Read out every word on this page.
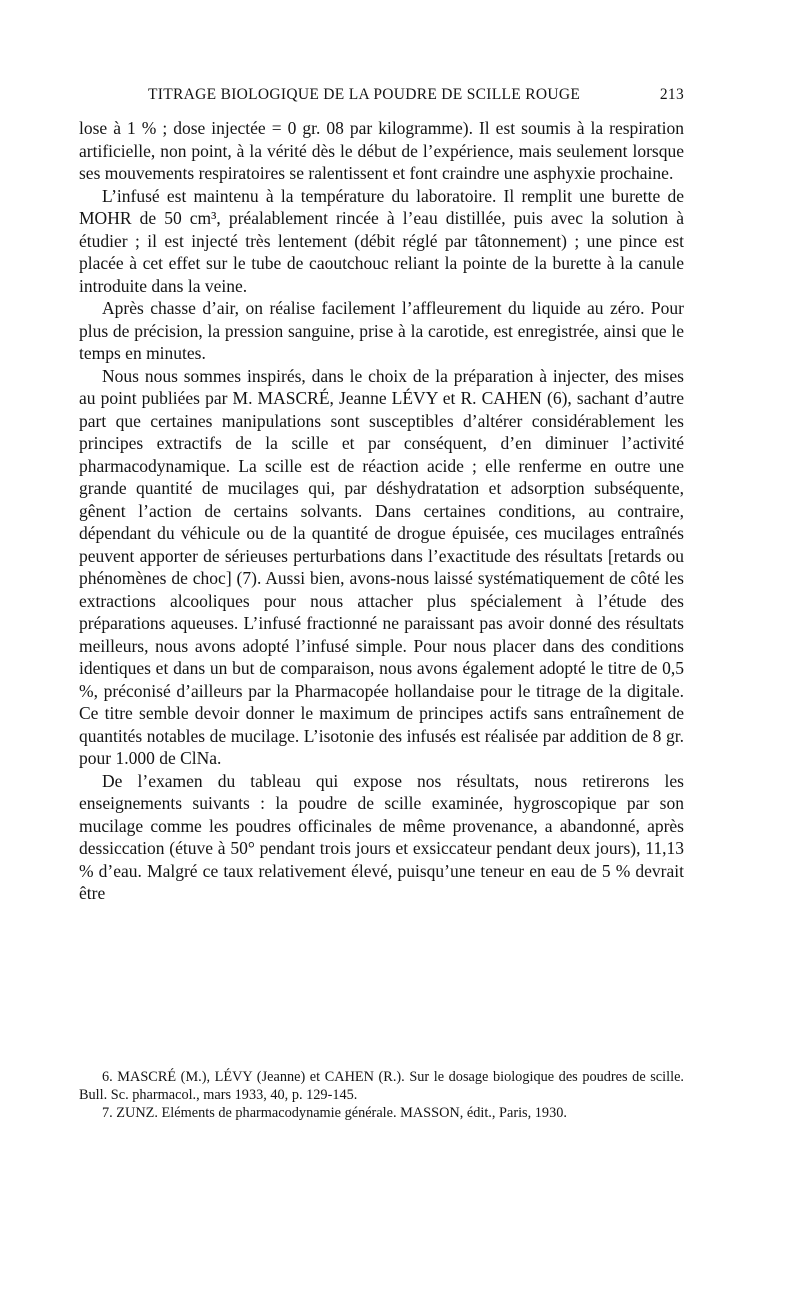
TITRAGE BIOLOGIQUE DE LA POUDRE DE SCILLE ROUGE	213

lose à 1 % ; dose injectée = 0 gr. 08 par kilogramme). Il est soumis à la respiration artificielle, non point, à la vérité dès le début de l’expérience, mais seulement lorsque ses mouvements respiratoires se ralentissent et font craindre une asphyxie prochaine.

L’infusé est maintenu à la température du laboratoire. Il remplit une burette de MOHR de 50 cm³, préalablement rincée à l’eau distillée, puis avec la solution à étudier ; il est injecté très lentement (débit réglé par tâtonnement) ; une pince est placée à cet effet sur le tube de caoutchouc reliant la pointe de la burette à la canule introduite dans la veine.

Après chasse d’air, on réalise facilement l’affleurement du liquide au zéro. Pour plus de précision, la pression sanguine, prise à la carotide, est enregistrée, ainsi que le temps en minutes.

Nous nous sommes inspirés, dans le choix de la préparation à injecter, des mises au point publiées par M. MASCRÉ, Jeanne LÉVY et R. CAHEN (6), sachant d’autre part que certaines manipulations sont susceptibles d’altérer considérablement les principes extractifs de la scille et par conséquent, d’en diminuer l’activité pharmacodynamique. La scille est de réaction acide ; elle renferme en outre une grande quantité de mucilages qui, par déshydratation et adsorption subséquente, gênent l’action de certains solvants. Dans certaines conditions, au contraire, dépendant du véhicule ou de la quantité de drogue épuisée, ces mucilages entraînés peuvent apporter de sérieuses perturbations dans l’exactitude des résultats [retards ou phénomènes de choc] (7). Aussi bien, avons-nous laissé systématiquement de côté les extractions alcooliques pour nous attacher plus spécialement à l’étude des préparations aqueuses. L’infusé fractionné ne paraissant pas avoir donné des résultats meilleurs, nous avons adopté l’infusé simple. Pour nous placer dans des conditions identiques et dans un but de comparaison, nous avons également adopté le titre de 0,5 %, préconisé d’ailleurs par la Pharmacopée hollandaise pour le titrage de la digitale. Ce titre semble devoir donner le maximum de principes actifs sans entraînement de quantités notables de mucilage. L’isotonie des infusés est réalisée par addition de 8 gr. pour 1.000 de ClNa.

De l’examen du tableau qui expose nos résultats, nous retirerons les enseignements suivants : la poudre de scille examinée, hygroscopique par son mucilage comme les poudres officinales de même provenance, a abandonné, après dessiccation (étuve à 50° pendant trois jours et exsiccateur pendant deux jours), 11,13 % d’eau. Malgré ce taux relativement élevé, puisqu’une teneur en eau de 5 % devrait être

6. MASCRÉ (M.), LÉVY (Jeanne) et CAHEN (R.). Sur le dosage biologique des poudres de scille. Bull. Sc. pharmacol., mars 1933, 40, p. 129-145.

7. ZUNZ. Eléments de pharmacodynamie générale. MASSON, édit., Paris, 1930.
